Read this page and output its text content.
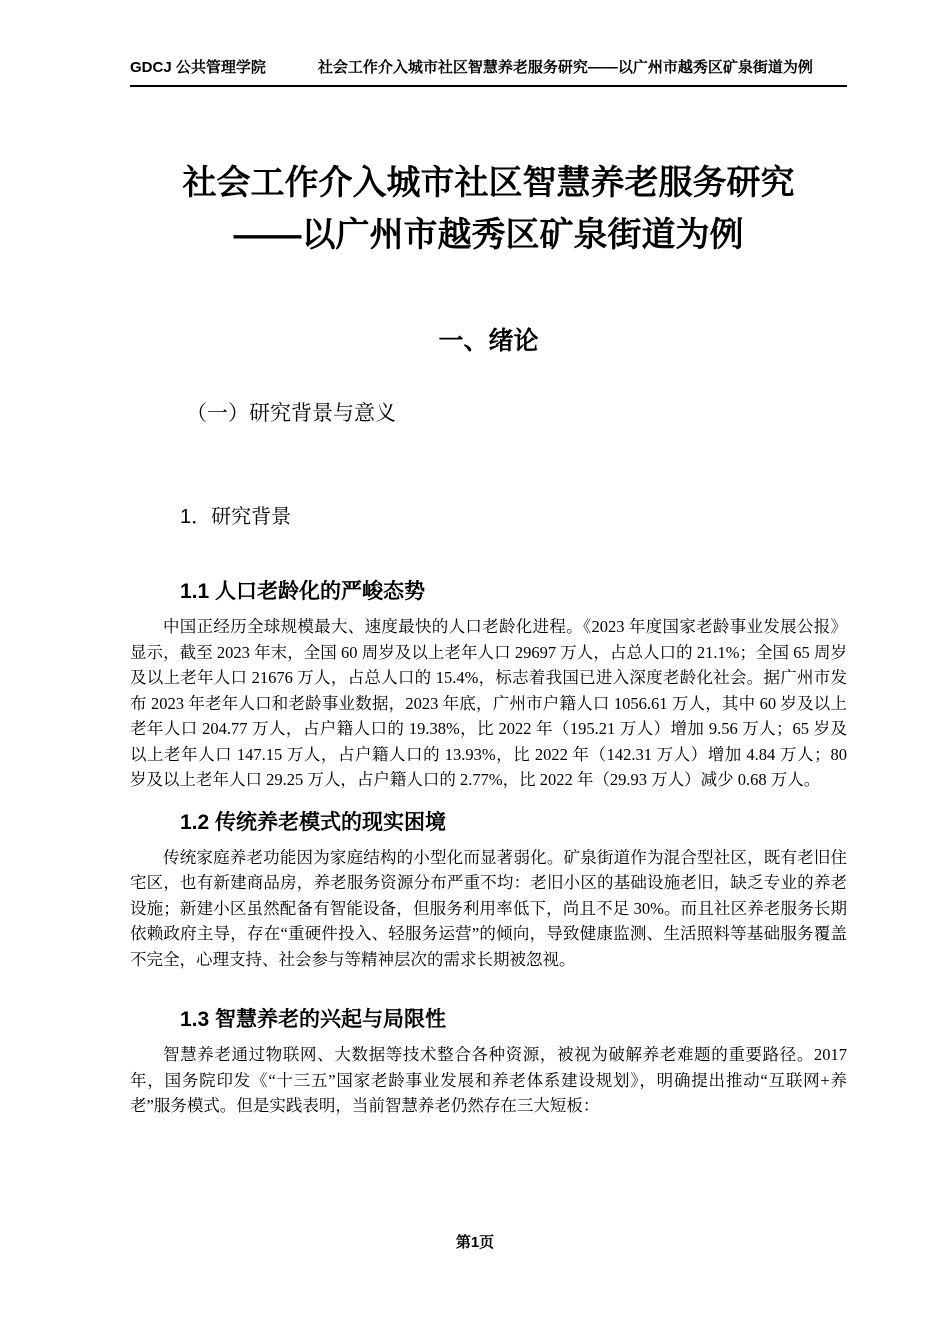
GDCJ 公共管理学院	社会工作介入城市社区智慧养老服务研究——以广州市越秀区矿泉街道为例
社会工作介入城市社区智慧养老服务研究
——以广州市越秀区矿泉街道为例
一、绪论
（一）研究背景与意义
1．研究背景
1.1 人口老龄化的严峻态势

中国正经历全球规模最大、速度最快的人口老龄化进程。《2023 年度国家老龄事业发展公报》显示，截至 2023 年末，全国 60 周岁及以上老年人口 29697 万人，占总人口的 21.1%；全国 65 周岁及以上老年人口 21676 万人，占总人口的 15.4%，标志着我国已进入深度老龄化社会。据广州市发布 2023 年老年人口和老龄事业数据，2023 年底，广州市户籍人口 1056.61 万人，其中 60 岁及以上老年人口 204.77 万人，占户籍人口的 19.38%，比 2022 年（195.21 万人）增加 9.56 万人；65 岁及以上老年人口 147.15 万人，占户籍人口的 13.93%，比 2022 年（142.31 万人）增加 4.84 万人；80 岁及以上老年人口 29.25 万人，占户籍人口的 2.77%，比 2022 年（29.93 万人）减少 0.68 万人。

1.2 传统养老模式的现实困境

传统家庭养老功能因为家庭结构的小型化而显著弱化。矿泉街道作为混合型社区，既有老旧住宅区，也有新建商品房，养老服务资源分布严重不均：老旧小区的基础设施老旧，缺乏专业的养老设施；新建小区虽然配备有智能设备，但服务利用率低下，尚且不足 30%。而且社区养老服务长期依赖政府主导，存在“重硬件投入、轻服务运营”的倾向，导致健康监测、生活照料等基础服务覆盖不完全，心理支持、社会参与等精神层次的需求长期被忽视。

1.3 智慧养老的兴起与局限性

智慧养老通过物联网、大数据等技术整合各种资源，被视为破解养老难题的重要路径。2017 年，国务院印发《“十三五”国家老龄事业发展和养老体系建设规划》，明确提出推动“互联网+养老”服务模式。但是实践表明，当前智慧养老仍然存在三大短板：

第1页
